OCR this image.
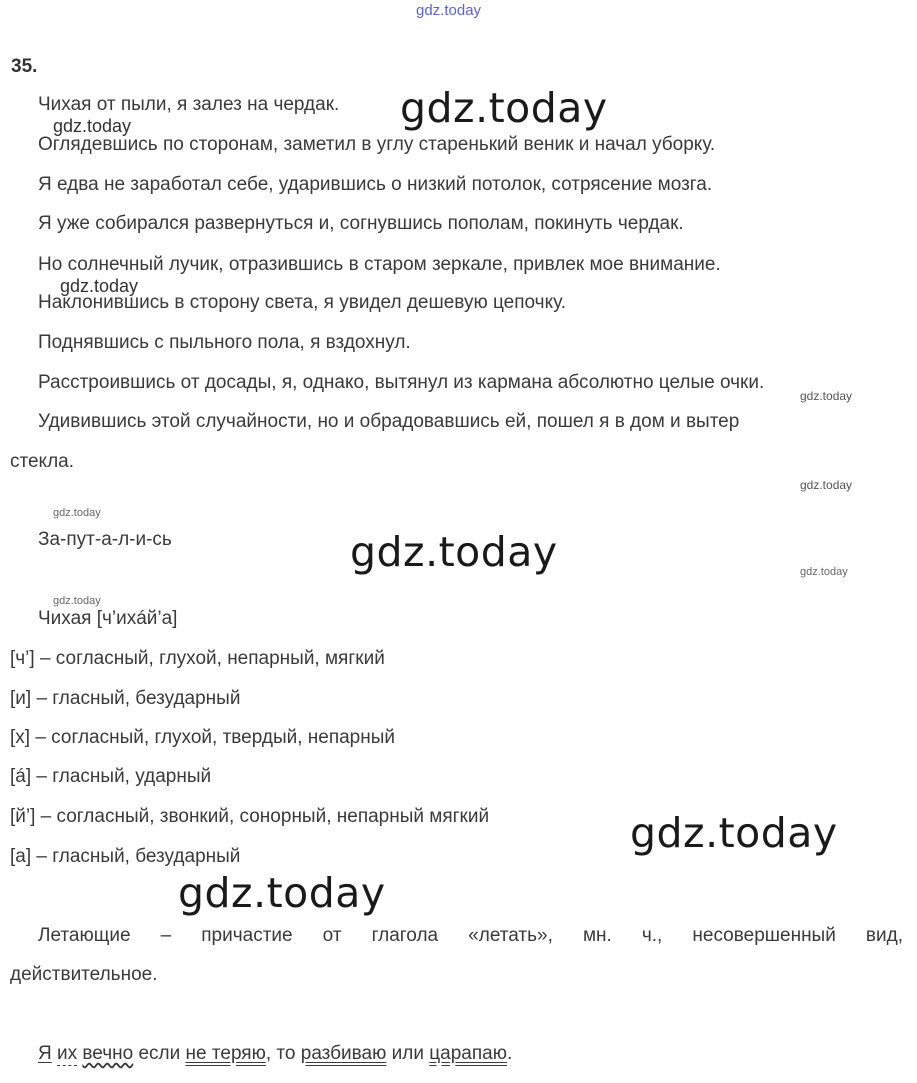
gdz.today
35.
Чихая от пыли, я залез на чердак.
Оглядевшись по сторонам, заметил в углу старенький веник и начал уборку.
Я едва не заработал себе, ударившись о низкий потолок, сотрясение мозга.
Я уже собирался развернуться и, согнувшись пополам, покинуть чердак.
Но солнечный лучик, отразившись в старом зеркале, привлек мое внимание.
Наклонившись в сторону света, я увидел дешевую цепочку.
Поднявшись с пыльного пола, я вздохнул.
Расстроившись от досады, я, однако, вытянул из кармана абсолютно целые очки.
Удивившись этой случайности, но и обрадовавшись ей, пошел я в дом и вытер
стекла.
За-пут-а-л-и-сь
Чихая [ч’ихáй’а]
[ч’] – согласный, глухой, непарный, мягкий
[и] – гласный, безударный
[х] – согласный, глухой, твердый, непарный
[á] – гласный, ударный
[й’] – согласный, звонкий, сонорный, непарный мягкий
[а] – гласный, безударный
Летающие – причастие от глагола «летать», мн. ч., несовершенный вид,
действительное.
Я их вечно если не теряю, то разбиваю или царапаю.
gdz.today
gdz.today
gdz.today
gdz.today
gdz.today
gdz.today
gdz.today
gdz.today
gdz.today
gdz.today
gdz.today
